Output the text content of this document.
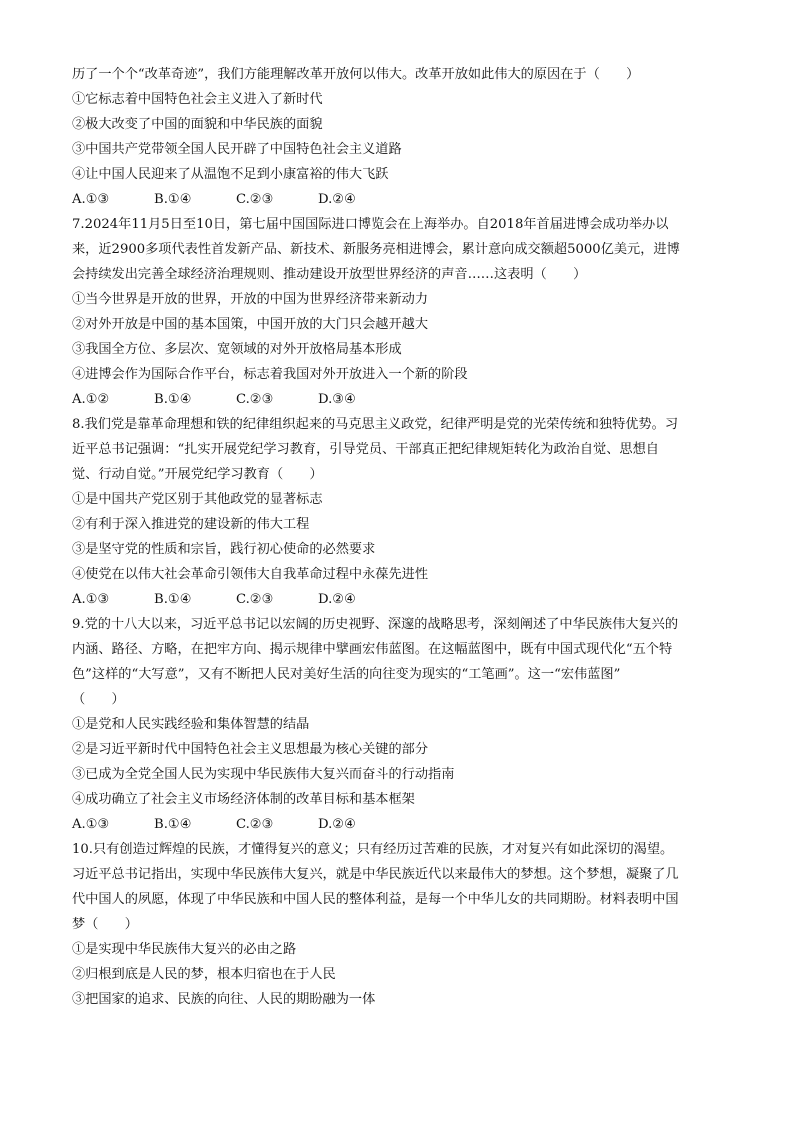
历了一个个“改革奇迹”，我们方能理解改革开放何以伟大。改革开放如此伟大的原因在于（　　）
①它标志着中国特色社会主义进入了新时代
②极大改变了中国的面貌和中华民族的面貌
③中国共产党带领全国人民开辟了中国特色社会主义道路
④让中国人民迎来了从温饱不足到小康富裕的伟大飞跃
A.①③	B.①④	C.②③	D.②④
7.2024年11月5日至10日，第七届中国国际进口博览会在上海举办。自2018年首届进博会成功举办以
来，近2900多项代表性首发新产品、新技术、新服务亮相进博会，累计意向成交额超5000亿美元，进博
会持续发出完善全球经济治理规则、推动建设开放型世界经济的声音……这表明（　　）
①当今世界是开放的世界，开放的中国为世界经济带来新动力
②对外开放是中国的基本国策，中国开放的大门只会越开越大
③我国全方位、多层次、宽领域的对外开放格局基本形成
④进博会作为国际合作平台，标志着我国对外开放进入一个新的阶段
A.①②	B.①④	C.②③	D.③④
8.我们党是靠革命理想和铁的纪律组织起来的马克思主义政党，纪律严明是党的光荣传统和独特优势。习
近平总书记强调：“扎实开展党纪学习教育，引导党员、干部真正把纪律规矩转化为政治自觉、思想自
觉、行动自觉。”开展党纪学习教育（　　）
①是中国共产党区别于其他政党的显著标志
②有利于深入推进党的建设新的伟大工程
③是坚守党的性质和宗旨，践行初心使命的必然要求
④使党在以伟大社会革命引领伟大自我革命过程中永葆先进性
A.①③	B.①④	C.②③	D.②④
9.党的十八大以来，习近平总书记以宏阔的历史视野、深邃的战略思考，深刻阐述了中华民族伟大复兴的
内涵、路径、方略，在把牢方向、揭示规律中擘画宏伟蓝图。在这幅蓝图中，既有中国式现代化“五个特
色”这样的“大写意”，又有不断把人民对美好生活的向往变为现实的“工笔画”。这一“宏伟蓝图”
（　　）
①是党和人民实践经验和集体智慧的结晶
②是习近平新时代中国特色社会主义思想最为核心关键的部分
③已成为全党全国人民为实现中华民族伟大复兴而奋斗的行动指南
④成功确立了社会主义市场经济体制的改革目标和基本框架
A.①③	B.①④	C.②③	D.②④
10.只有创造过辉煌的民族，才懂得复兴的意义；只有经历过苦难的民族，才对复兴有如此深切的渴望。
习近平总书记指出，实现中华民族伟大复兴，就是中华民族近代以来最伟大的梦想。这个梦想，凝聚了几
代中国人的夙愿，体现了中华民族和中国人民的整体利益，是每一个中华儿女的共同期盼。材料表明中国
梦（　　）
①是实现中华民族伟大复兴的必由之路
②归根到底是人民的梦，根本归宿也在于人民
③把国家的追求、民族的向往、人民的期盼融为一体
